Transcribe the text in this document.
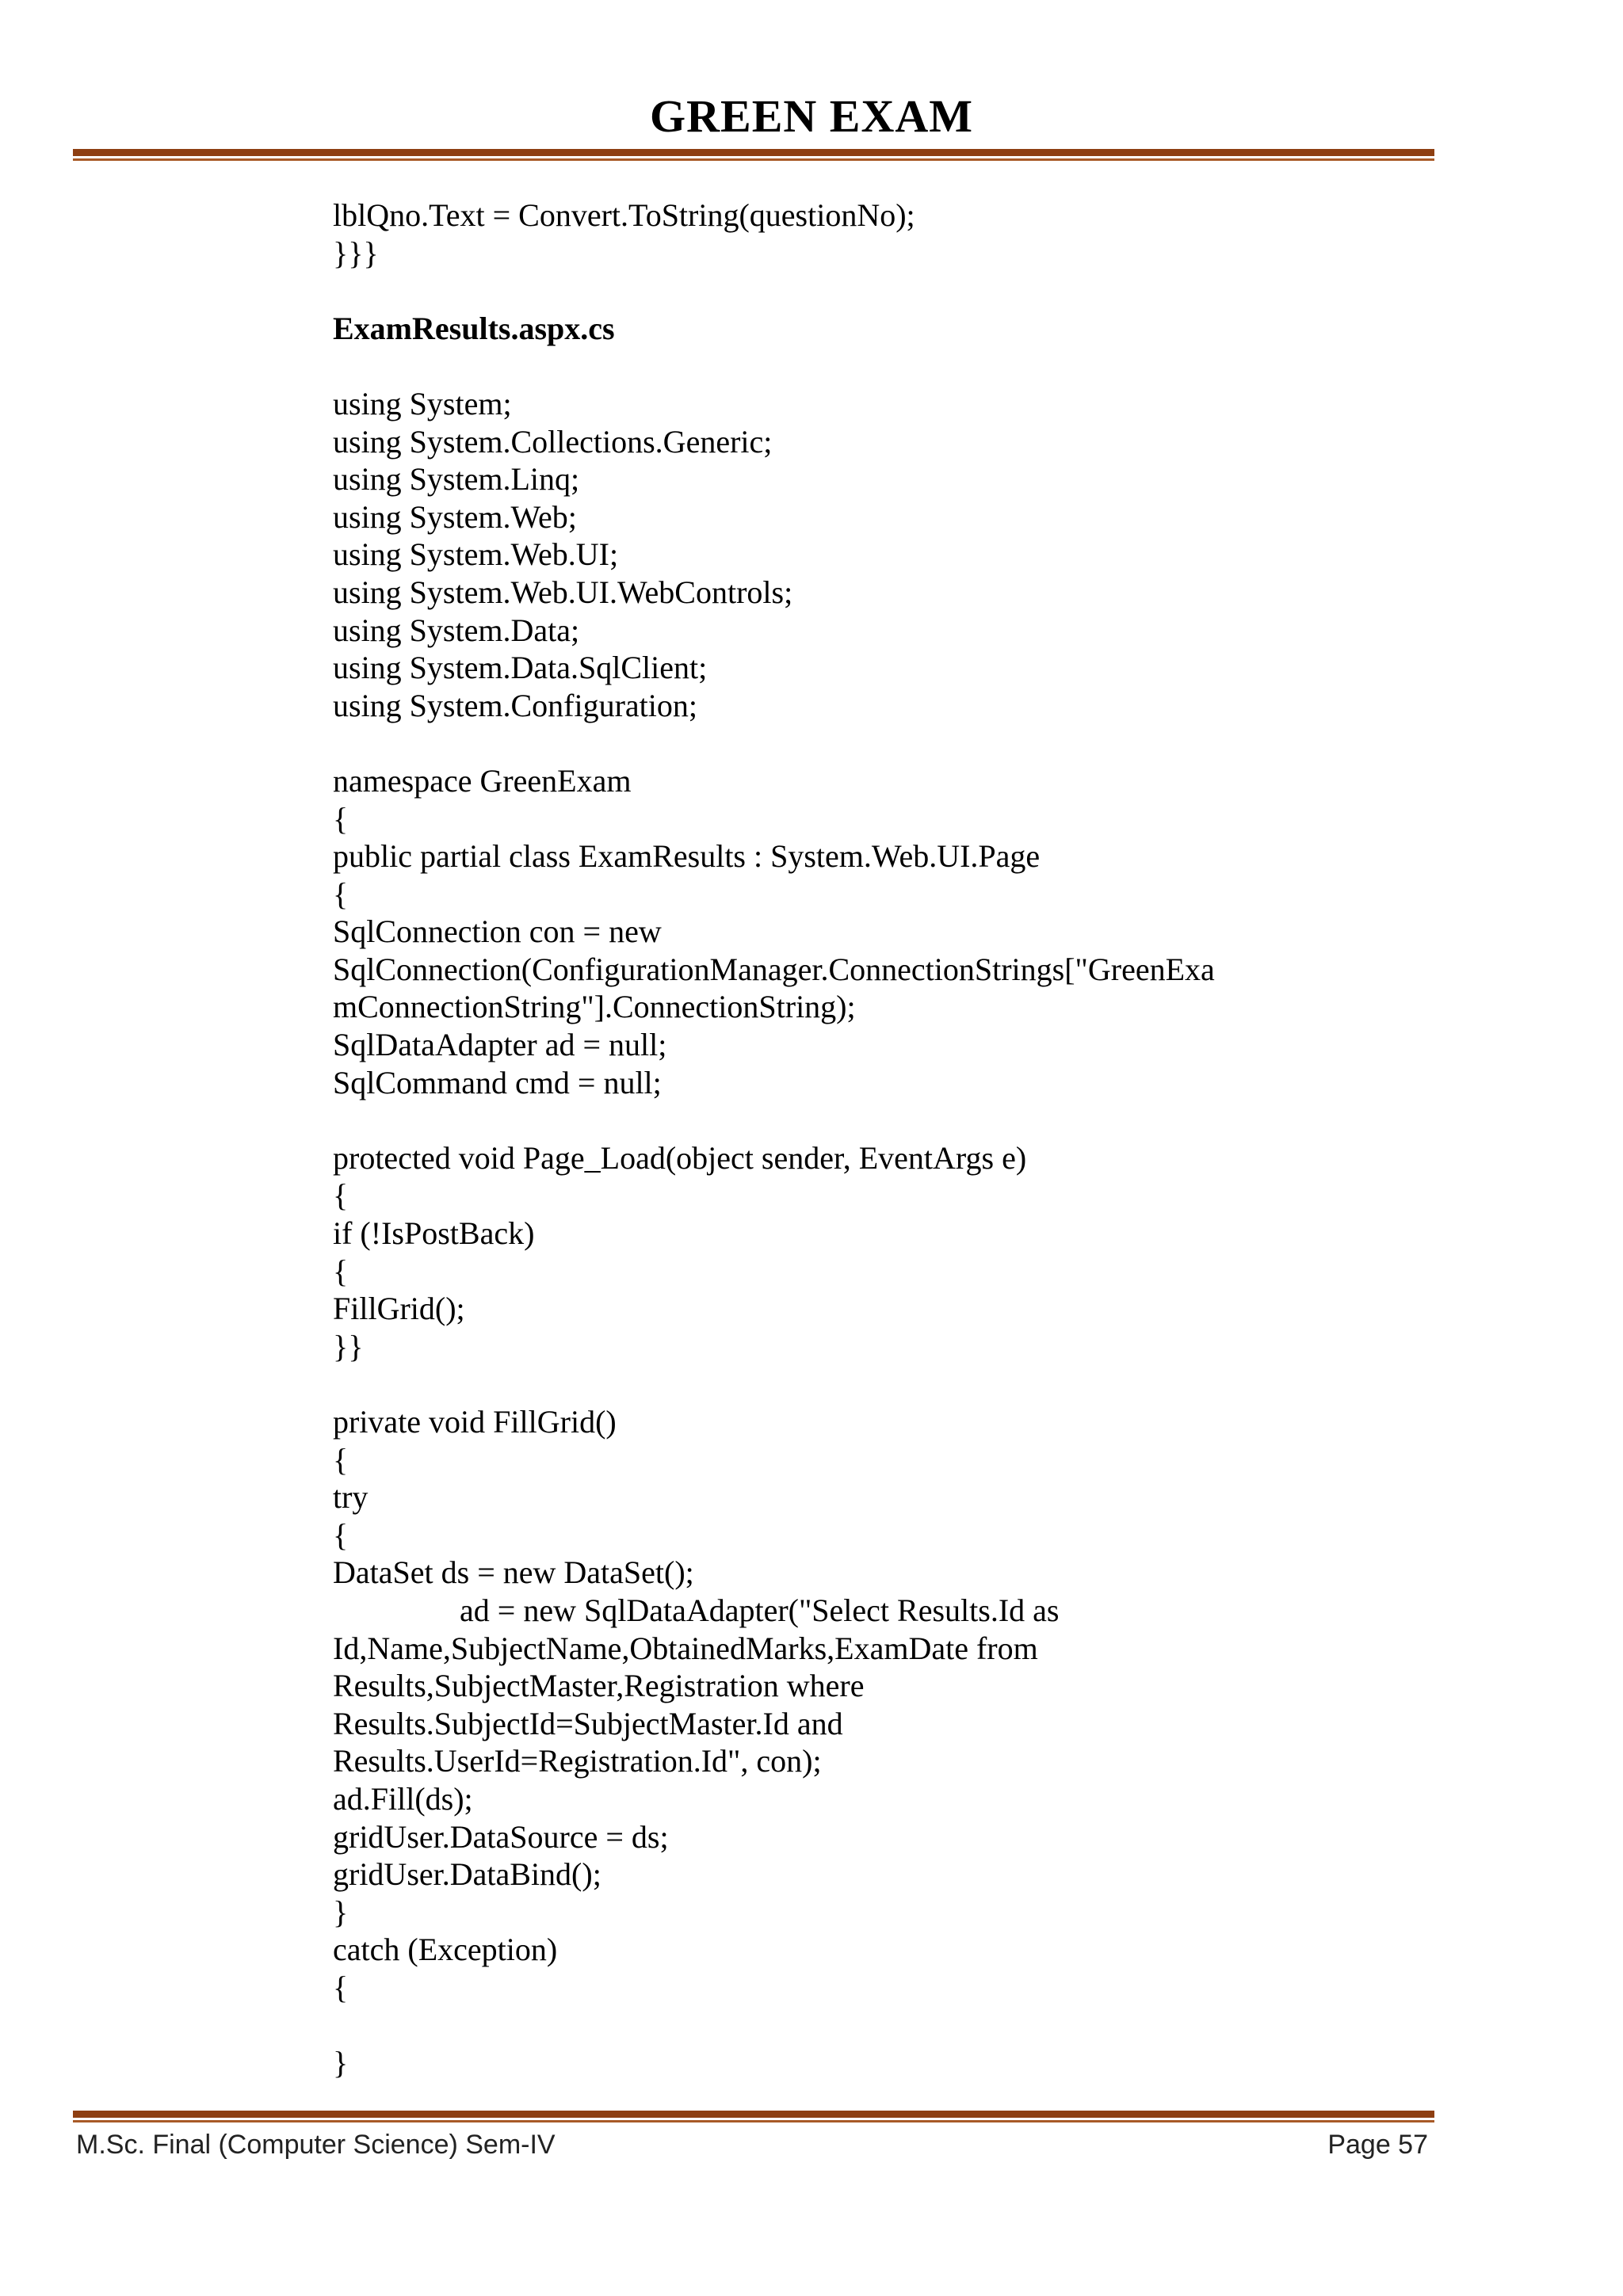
GREEN EXAM
lblQno.Text = Convert.ToString(questionNo);
}}}
ExamResults.aspx.cs
using System;
using System.Collections.Generic;
using System.Linq;
using System.Web;
using System.Web.UI;
using System.Web.UI.WebControls;
using System.Data;
using System.Data.SqlClient;
using System.Configuration;
namespace GreenExam
{
public partial class ExamResults : System.Web.UI.Page
{
SqlConnection con = new
SqlConnection(ConfigurationManager.ConnectionStrings["GreenExa
mConnectionString"].ConnectionString);
SqlDataAdapter ad = null;
SqlCommand cmd = null;
protected void Page_Load(object sender, EventArgs e)
{
if (!IsPostBack)
{
FillGrid();
}}
private void FillGrid()
{
try
{
DataSet ds = new DataSet();
ad = new SqlDataAdapter("Select Results.Id as
Id,Name,SubjectName,ObtainedMarks,ExamDate from
Results,SubjectMaster,Registration where
Results.SubjectId=SubjectMaster.Id and
Results.UserId=Registration.Id", con);
ad.Fill(ds);
gridUser.DataSource = ds;
gridUser.DataBind();
}
catch (Exception)
{
}
M.Sc. Final (Computer Science) Sem-IV	Page 57
